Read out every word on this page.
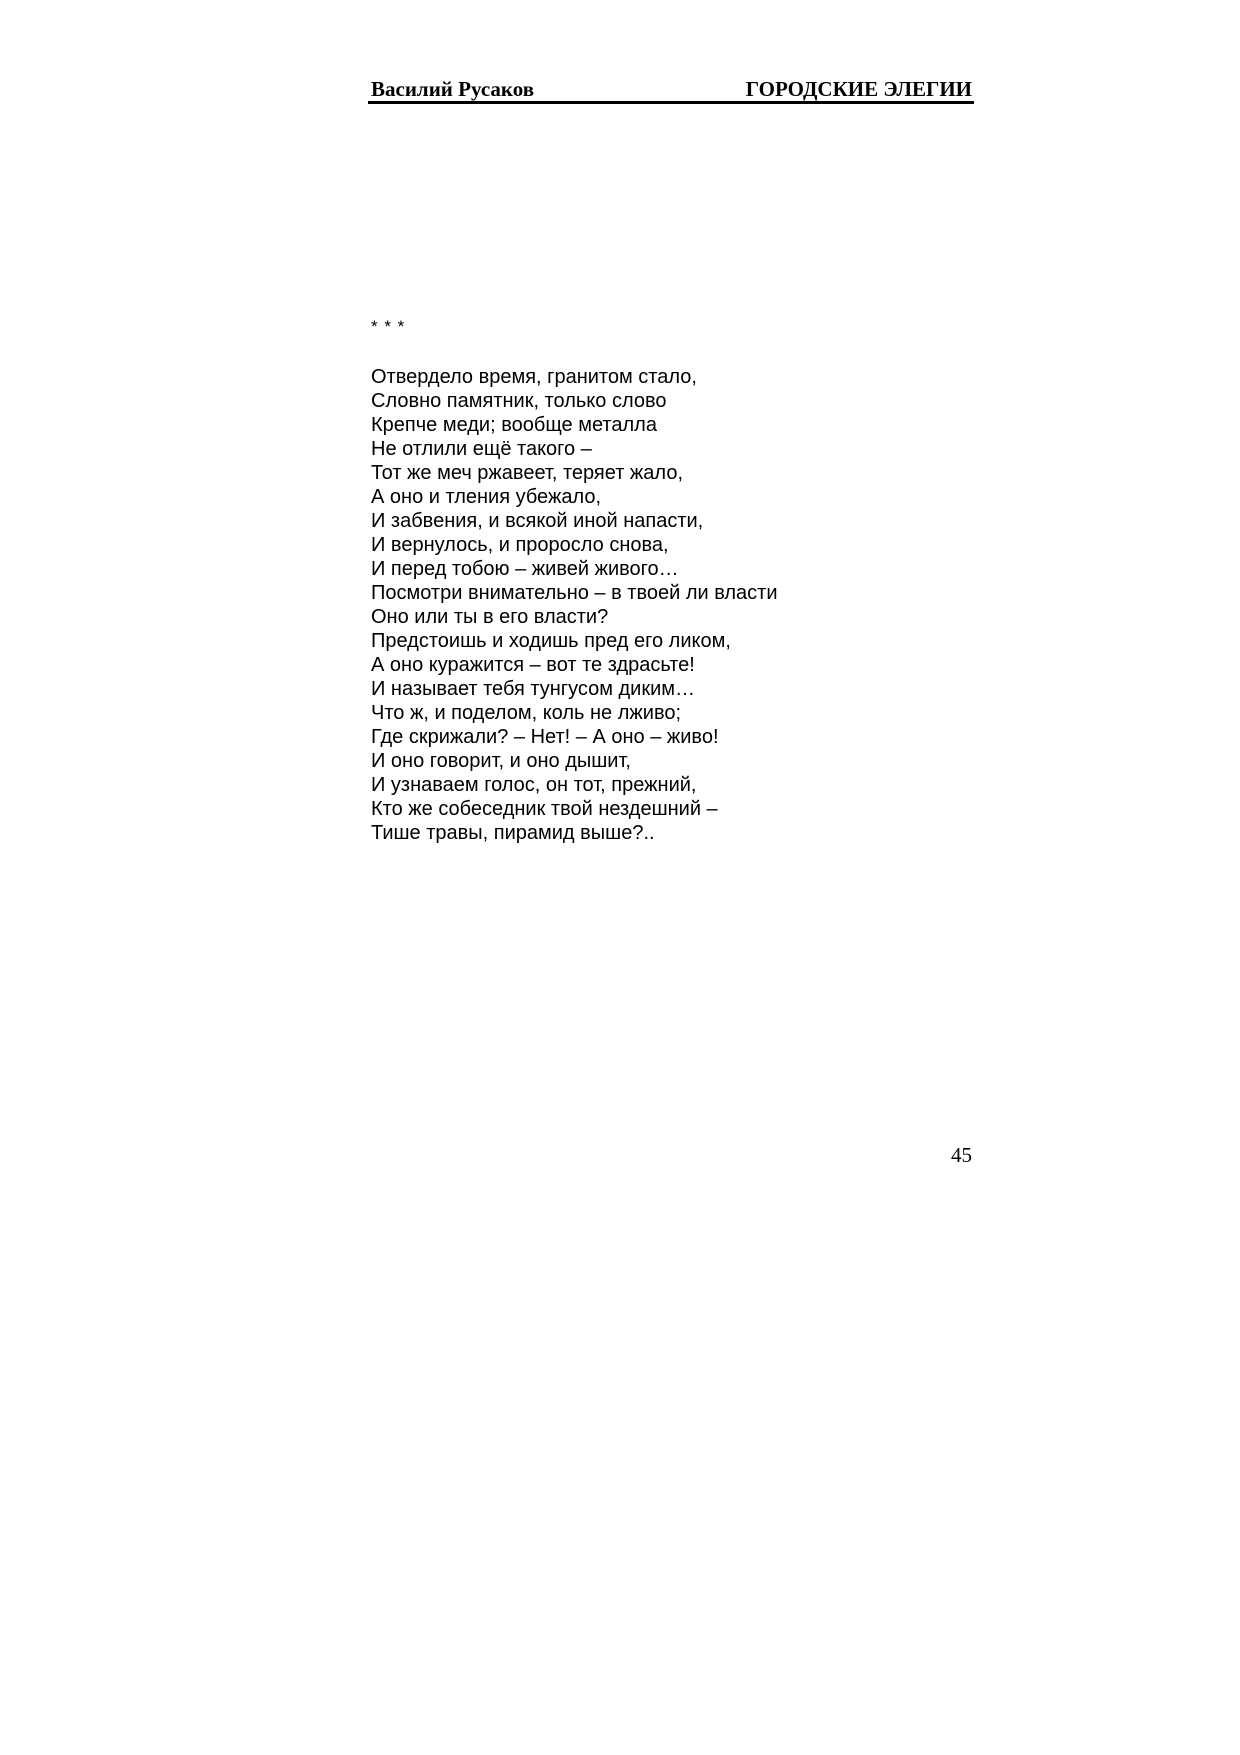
Василий Русаков	ГОРОДСКИЕ ЭЛЕГИИ
* * *
Отвердело время, гранитом стало,
Словно памятник, только слово
Крепче меди; вообще металла
Не отлили ещё такого –
Тот же меч ржавеет, теряет жало,
А оно и тления убежало,
И забвения, и всякой иной напасти,
И вернулось, и проросло снова,
И перед тобою – живей живого…
Посмотри внимательно – в твоей ли власти
Оно или ты в его власти?
Предстоишь и ходишь пред его ликом,
А оно куражится – вот те здрасьте!
И называет тебя тунгусом диким…
Что ж, и поделом, коль не лживо;
Где скрижали? – Нет! – А оно – живо!
И оно говорит, и оно дышит,
И узнаваем голос, он тот, прежний,
Кто же собеседник твой нездешний –
Тише травы, пирамид выше?..
45
